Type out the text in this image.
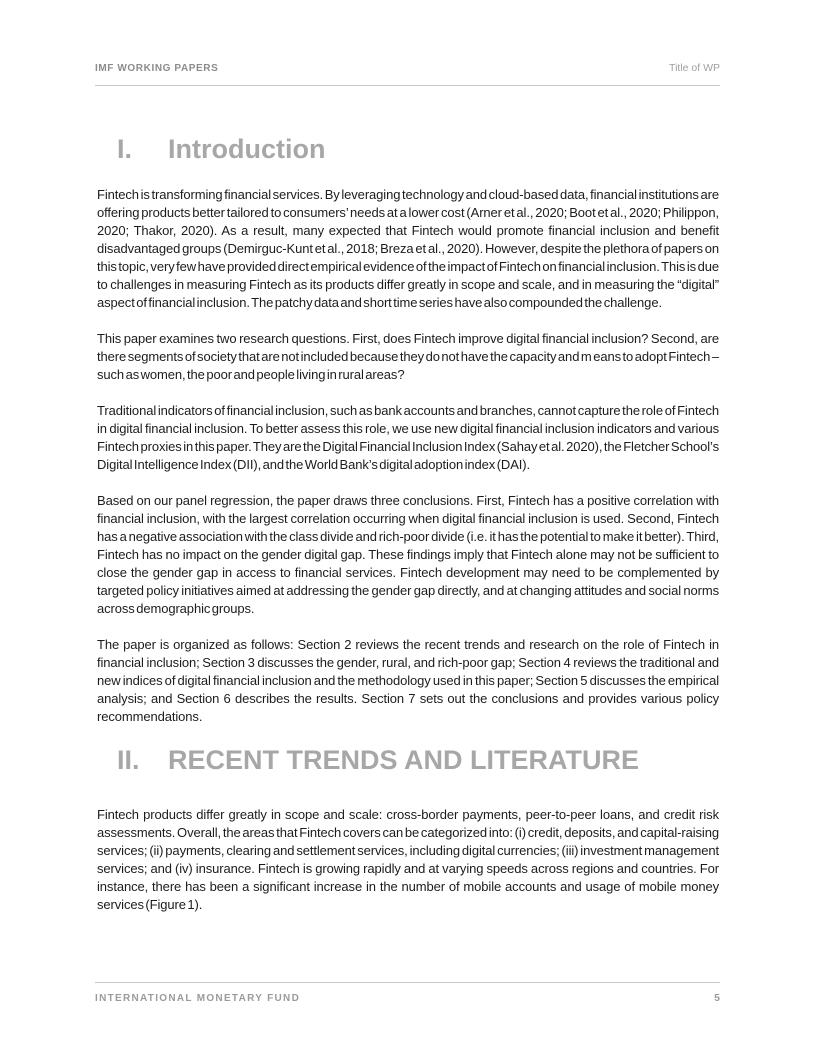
IMF WORKING PAPERS	Title of WP
I.	Introduction

Fintech is transforming financial services. By leveraging technology and cloud-based data, financial institutions are offering products better tailored to consumers’ needs at a lower cost (Arner et al., 2020; Boot et al., 2020; Philippon, 2020; Thakor, 2020). As a result, many expected that Fintech would promote financial inclusion and benefit disadvantaged groups (Demirguc-Kunt et al., 2018; Breza et al., 2020). However, despite the plethora of papers on this topic, very few have provided direct empirical evidence of the impact of Fintech on financial inclusion. This is due to challenges in measuring Fintech as its products differ greatly in scope and scale, and in measuring the “digital” aspect of financial inclusion. The patchy data and short time series have also compounded the challenge.

This paper examines two research questions. First, does Fintech improve digital financial inclusion? Second, are there segments of society that are not included because they do not have the capacity and m eans to adopt Fintech – such as women, the poor and people living in rural areas?

Traditional indicators of financial inclusion, such as bank accounts and branches, cannot capture the role of Fintech in digital financial inclusion. To better assess this role, we use new digital financial inclusion indicators and various Fintech proxies in this paper. They are the Digital Financial Inclusion Index (Sahay et al. 2020), the Fletcher School’s Digital Intelligence Index (DII), and the World Bank’s digital adoption index (DAI).

Based on our panel regression, the paper draws three conclusions. First, Fintech has a positive correlation with financial inclusion, with the largest correlation occurring when digital financial inclusion is used. Second, Fintech has a negative association with the class divide and rich-poor divide (i.e. it has the potential to make it better). Third, Fintech has no impact on the gender digital gap. These findings imply that Fintech alone may not be sufficient to close the gender gap in access to financial services. Fintech development may need to be complemented by targeted policy initiatives aimed at addressing the gender gap directly, and at changing attitudes and social norms across demographic groups.

The paper is organized as follows: Section 2 reviews the recent trends and research on the role of Fintech in financial inclusion; Section 3 discusses the gender, rural, and rich-poor gap; Section 4 reviews the traditional and new indices of digital financial inclusion and the methodology used in this paper; Section 5 discusses the empirical analysis; and Section 6 describes the results. Section 7 sets out the conclusions and provides various policy recommendations.

II.	RECENT TRENDS AND LITERATURE

Fintech products differ greatly in scope and scale: cross-border payments, peer-to-peer loans, and credit risk assessments. Overall, the areas that Fintech covers can be categorized into: (i) credit, deposits, and capital-raising services; (ii) payments, clearing and settlement services, including digital currencies; (iii) investment management services; and (iv) insurance. Fintech is growing rapidly and at varying speeds across regions and countries. For instance, there has been a significant increase in the number of mobile accounts and usage of mobile money services (Figure 1).

INTERNATIONAL MONETARY FUND	5
